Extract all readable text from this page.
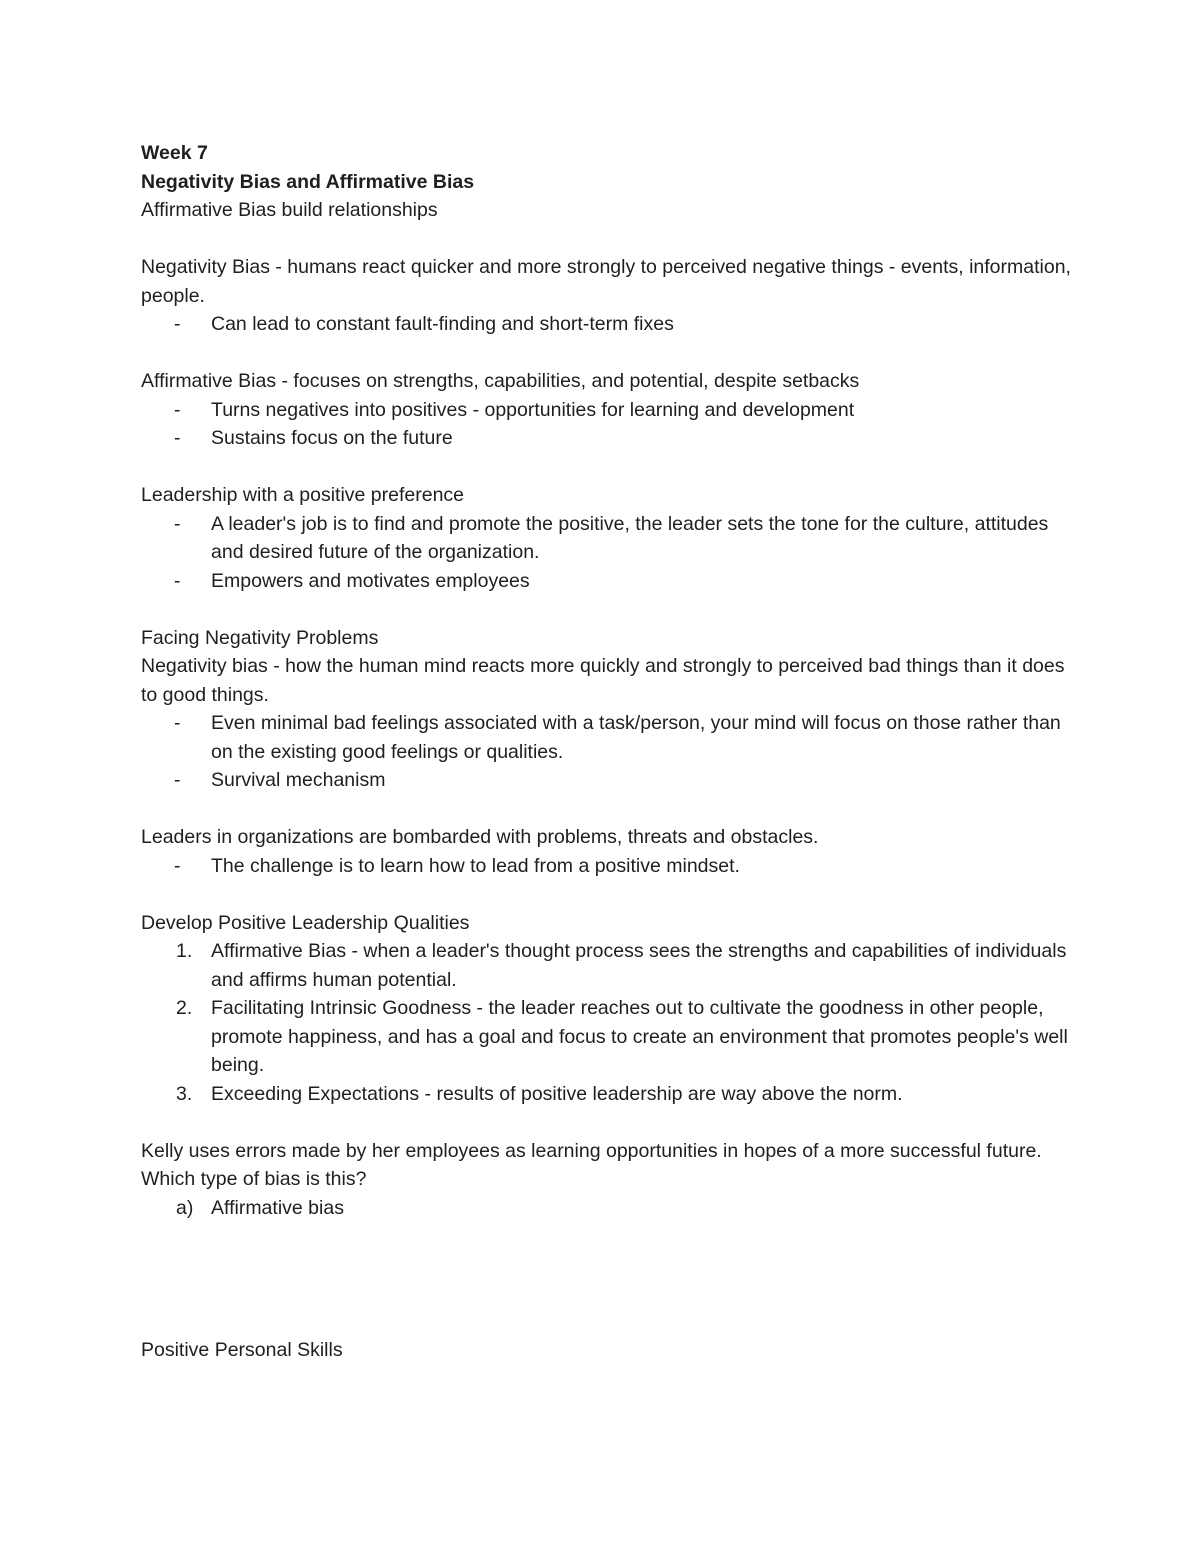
Week 7

Negativity Bias and Affirmative Bias

Affirmative Bias build relationships

Negativity Bias - humans react quicker and more strongly to perceived negative things - events, information, people.

-	Can lead to constant fault-finding and short-term fixes

Affirmative Bias - focuses on strengths, capabilities, and potential, despite setbacks

-	Turns negatives into positives - opportunities for learning and development
-	Sustains focus on the future

Leadership with a positive preference

-	A leader's job is to find and promote the positive, the leader sets the tone for the culture, attitudes and desired future of the organization.
-	Empowers and motivates employees

Facing Negativity Problems

Negativity bias - how the human mind reacts more quickly and strongly to perceived bad things than it does to good things.

-	Even minimal bad feelings associated with a task/person, your mind will focus on those rather than on the existing good feelings or qualities.
-	Survival mechanism

Leaders in organizations are bombarded with problems, threats and obstacles.

-	The challenge is to learn how to lead from a positive mindset.

Develop Positive Leadership Qualities

1. Affirmative Bias - when a leader's thought process sees the strengths and capabilities of individuals and affirms human potential.
2. Facilitating Intrinsic Goodness - the leader reaches out to cultivate the goodness in other people, promote happiness, and has a goal and focus to create an environment that promotes people's well being.
3. Exceeding Expectations - results of positive leadership are way above the norm.

Kelly uses errors made by her employees as learning opportunities in hopes of a more successful future. Which type of bias is this?

a) Affirmative bias

Positive Personal Skills
